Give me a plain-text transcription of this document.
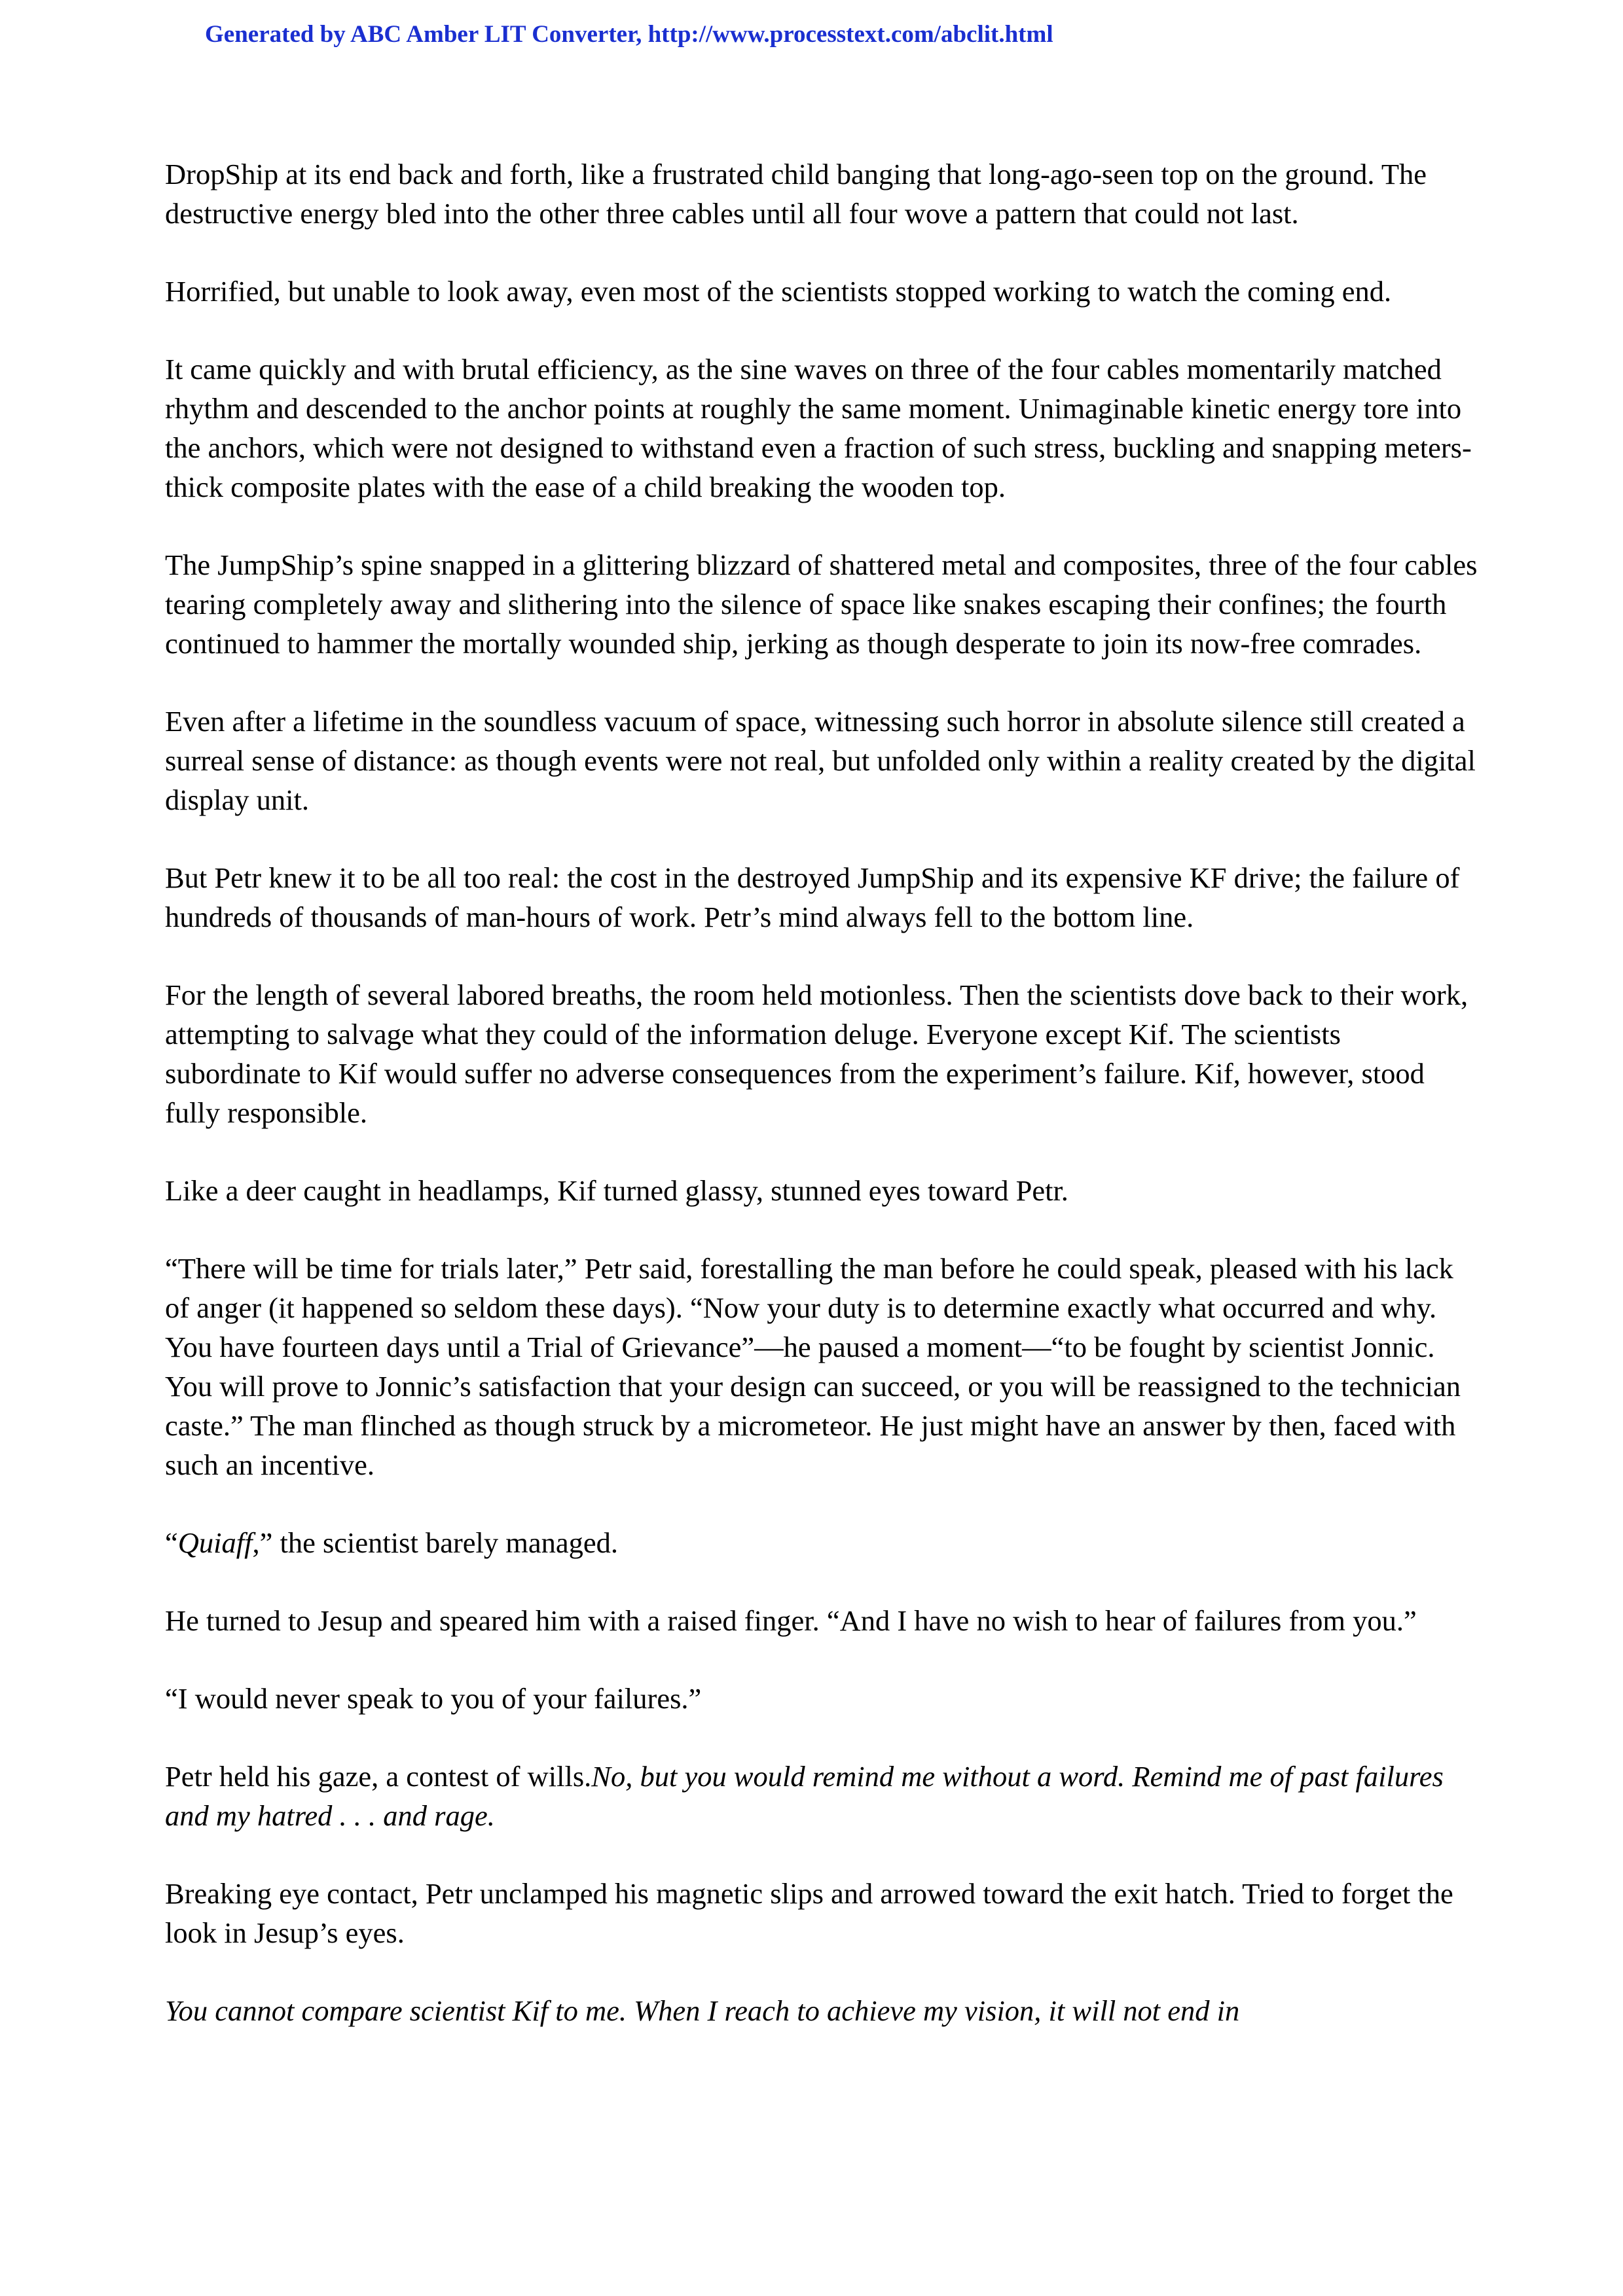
Generated by ABC Amber LIT Converter, http://www.processtext.com/abclit.html

DropShip at its end back and forth, like a frustrated child banging that long-ago-seen top on the ground. The destructive energy bled into the other three cables until all four wove a pattern that could not last.

Horrified, but unable to look away, even most of the scientists stopped working to watch the coming end.

It came quickly and with brutal efficiency, as the sine waves on three of the four cables momentarily matched rhythm and descended to the anchor points at roughly the same moment. Unimaginable kinetic energy tore into the anchors, which were not designed to withstand even a fraction of such stress, buckling and snapping meters-thick composite plates with the ease of a child breaking the wooden top.

The JumpShip’s spine snapped in a glittering blizzard of shattered metal and composites, three of the four cables tearing completely away and slithering into the silence of space like snakes escaping their confines; the fourth continued to hammer the mortally wounded ship, jerking as though desperate to join its now-free comrades.

Even after a lifetime in the soundless vacuum of space, witnessing such horror in absolute silence still created a surreal sense of distance: as though events were not real, but unfolded only within a reality created by the digital display unit.

But Petr knew it to be all too real: the cost in the destroyed JumpShip and its expensive KF drive; the failure of hundreds of thousands of man-hours of work. Petr’s mind always fell to the bottom line.

For the length of several labored breaths, the room held motionless. Then the scientists dove back to their work, attempting to salvage what they could of the information deluge. Everyone except Kif. The scientists subordinate to Kif would suffer no adverse consequences from the experiment’s failure. Kif, however, stood fully responsible.

Like a deer caught in headlamps, Kif turned glassy, stunned eyes toward Petr.

“There will be time for trials later,” Petr said, forestalling the man before he could speak, pleased with his lack of anger (it happened so seldom these days). “Now your duty is to determine exactly what occurred and why. You have fourteen days until a Trial of Grievance”—he paused a moment—“to be fought by scientist Jonnic. You will prove to Jonnic’s satisfaction that your design can succeed, or you will be reassigned to the technician caste.” The man flinched as though struck by a micrometeor. He just might have an answer by then, faced with such an incentive.

“Quiaff,” the scientist barely managed.

He turned to Jesup and speared him with a raised finger. “And I have no wish to hear of failures from you.”

“I would never speak to you of your failures.”

Petr held his gaze, a contest of wills.No, but you would remind me without a word. Remind me of past failures and my hatred . . . and rage.

Breaking eye contact, Petr unclamped his magnetic slips and arrowed toward the exit hatch. Tried to forget the look in Jesup’s eyes.

You cannot compare scientist Kif to me. When I reach to achieve my vision, it will not end in
